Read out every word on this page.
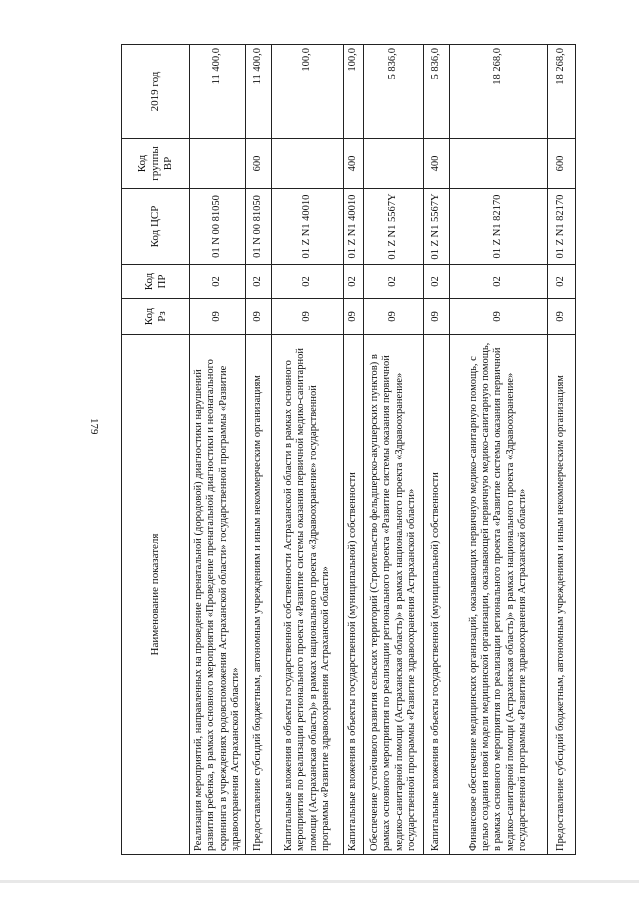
179
Наименование показателя	Код Рз	Код ПР	Код ЦСР	Код группы ВР	2019 год
Реализация мероприятий, направленных на проведение пренатальной (дородовой) диагностики нарушений развития ребенка, в рамках основного мероприятия «Проведение пренатальной диагностики и неонатального скрининга в учреждениях родовспоможения Астраханской области» государственной программы «Развитие здравоохранения Астраханской области»	09	02	01 N 00 81050		11 400,0
Предоставление субсидий бюджетным, автономным учреждениям и иным некоммерческим организациям	09	02	01 N 00 81050	600	11 400,0
Капитальные вложения в объекты государственной собственности Астраханской области в рамках основного мероприятия по реализации регионального проекта «Развитие системы оказания первичной медико-санитарной помощи (Астраханская область)» в рамках национального проекта «Здравоохранение» государственной программы «Развитие здравоохранения Астраханской области»	09	02	01 Z N1 40010		100,0
Капитальные вложения в объекты государственной (муниципальной) собственности	09	02	01 Z N1 40010	400	100,0
Обеспечение устойчивого развития сельских территорий (Строительство фельдшерско-акушерских пунктов) в рамках основного мероприятия по реализации регионального проекта «Развитие системы оказания первичной медико-санитарной помощи (Астраханская область)» в рамках национального проекта «Здравоохранение» государственной программы «Развитие здравоохранения Астраханской области»	09	02	01 Z N1 5567Y		5 836,0
Капитальные вложения в объекты государственной (муниципальной) собственности	09	02	01 Z N1 5567Y	400	5 836,0
Финансовое обеспечение медицинских организаций, оказывающих первичную медико-санитарную помощь, с целью создания новой модели медицинской организации, оказывающей первичную медико-санитарную помощь, в рамках основного мероприятия по реализации регионального проекта «Развитие системы оказания первичной медико-санитарной помощи (Астраханская область)» в рамках национального проекта «Здравоохранение» государственной программы «Развитие здравоохранения Астраханской области»	09	02	01 Z N1 82170		18 268,0
Предоставление субсидий бюджетным, автономным учреждениям и иным некоммерческим организациям	09	02	01 Z N1 82170	600	18 268,0
